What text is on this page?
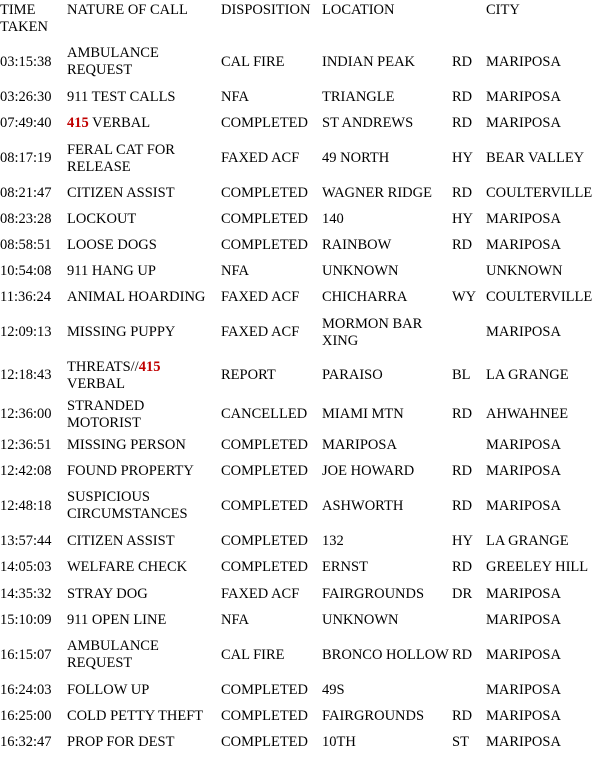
TIME TAKEN	NATURE OF CALL	DISPOSITION	LOCATION		CITY
03:15:38	AMBULANCE REQUEST	CAL FIRE	INDIAN PEAK	RD	MARIPOSA
03:26:30	911 TEST CALLS	NFA	TRIANGLE	RD	MARIPOSA
07:49:40	415 VERBAL	COMPLETED	ST ANDREWS	RD	MARIPOSA
08:17:19	FERAL CAT FOR RELEASE	FAXED ACF	49 NORTH	HY	BEAR VALLEY
08:21:47	CITIZEN ASSIST	COMPLETED	WAGNER RIDGE	RD	COULTERVILLE
08:23:28	LOCKOUT	COMPLETED	140	HY	MARIPOSA
08:58:51	LOOSE DOGS	COMPLETED	RAINBOW	RD	MARIPOSA
10:54:08	911 HANG UP	NFA	UNKNOWN		UNKNOWN
11:36:24	ANIMAL HOARDING	FAXED ACF	CHICHARRA	WY	COULTERVILLE
12:09:13	MISSING PUPPY	FAXED ACF	MORMON BAR XING		MARIPOSA
12:18:43	THREATS//415 VERBAL	REPORT	PARAISO	BL	LA GRANGE
12:36:00	STRANDED MOTORIST	CANCELLED	MIAMI MTN	RD	AHWAHNEE
12:36:51	MISSING PERSON	COMPLETED	MARIPOSA		MARIPOSA
12:42:08	FOUND PROPERTY	COMPLETED	JOE HOWARD	RD	MARIPOSA
12:48:18	SUSPICIOUS CIRCUMSTANCES	COMPLETED	ASHWORTH	RD	MARIPOSA
13:57:44	CITIZEN ASSIST	COMPLETED	132	HY	LA GRANGE
14:05:03	WELFARE CHECK	COMPLETED	ERNST	RD	GREELEY HILL
14:35:32	STRAY DOG	FAXED ACF	FAIRGROUNDS	DR	MARIPOSA
15:10:09	911 OPEN LINE	NFA	UNKNOWN		MARIPOSA
16:15:07	AMBULANCE REQUEST	CAL FIRE	BRONCO HOLLOW	RD	MARIPOSA
16:24:03	FOLLOW UP	COMPLETED	49S		MARIPOSA
16:25:00	COLD PETTY THEFT	COMPLETED	FAIRGROUNDS	RD	MARIPOSA
16:32:47	PROP FOR DEST	COMPLETED	10TH	ST	MARIPOSA
